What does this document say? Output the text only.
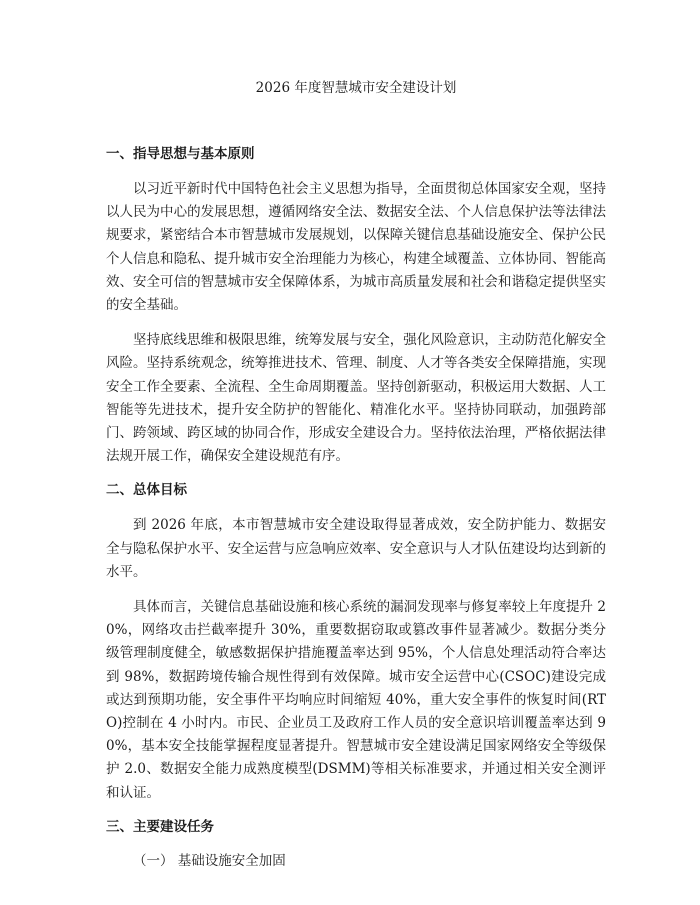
2026 年度智慧城市安全建设计划
一、指导思想与基本原则

以习近平新时代中国特色社会主义思想为指导，全面贯彻总体国家安全观，坚持以人民为中心的发展思想，遵循网络安全法、数据安全法、个人信息保护法等法律法规要求，紧密结合本市智慧城市发展规划，以保障关键信息基础设施安全、保护公民个人信息和隐私、提升城市安全治理能力为核心，构建全域覆盖、立体协同、智能高效、安全可信的智慧城市安全保障体系，为城市高质量发展和社会和谐稳定提供坚实的安全基础。

坚持底线思维和极限思维，统筹发展与安全，强化风险意识，主动防范化解安全风险。坚持系统观念，统筹推进技术、管理、制度、人才等各类安全保障措施，实现安全工作全要素、全流程、全生命周期覆盖。坚持创新驱动，积极运用大数据、人工智能等先进技术，提升安全防护的智能化、精准化水平。坚持协同联动，加强跨部门、跨领域、跨区域的协同合作，形成安全建设合力。坚持依法治理，严格依据法律法规开展工作，确保安全建设规范有序。

二、总体目标

到 2026 年底，本市智慧城市安全建设取得显著成效，安全防护能力、数据安全与隐私保护水平、安全运营与应急响应效率、安全意识与人才队伍建设均达到新的水平。

具体而言，关键信息基础设施和核心系统的漏洞发现率与修复率较上年度提升 20%，网络攻击拦截率提升 30%，重要数据窃取或篡改事件显著减少。数据分类分级管理制度健全，敏感数据保护措施覆盖率达到 95%，个人信息处理活动符合率达到 98%，数据跨境传输合规性得到有效保障。城市安全运营中心(CSOC)建设完成或达到预期功能，安全事件平均响应时间缩短 40%，重大安全事件的恢复时间(RTO)控制在 4 小时内。市民、企业员工及政府工作人员的安全意识培训覆盖率达到 90%，基本安全技能掌握程度显著提升。智慧城市安全建设满足国家网络安全等级保护 2.0、数据安全能力成熟度模型(DSMM)等相关标准要求，并通过相关安全测评和认证。

三、主要建设任务
（一） 基础设施安全加固
